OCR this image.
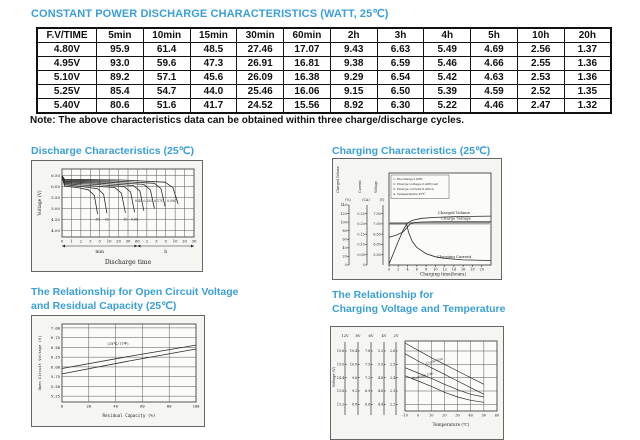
CONSTANT POWER DISCHARGE CHARACTERISTICS (WATT, 25℃)
F.V/TIME	5min	10min	15min	30min	60min	2h	3h	4h	5h	10h	20h
4.80V	95.9	61.4	48.5	27.46	17.07	9.43	6.63	5.49	4.69	2.56	1.37
4.95V	93.0	59.6	47.3	26.91	16.81	9.38	6.59	5.46	4.66	2.55	1.36
5.10V	89.2	57.1	45.6	26.09	16.38	9.29	6.54	5.42	4.63	2.53	1.36
5.25V	85.4	54.7	44.0	25.46	16.06	9.15	6.50	5.39	4.59	2.52	1.35
5.40V	80.6	51.6	41.7	24.52	15.56	8.92	6.30	5.22	4.46	2.47	1.32
Note: The above characteristics data can be obtained within three charge/discharge cycles.
Discharge Characteristics (25℃)
6.50
6.00
5.50
5.00
4.50
4.00
1 2 3 5 10 20 30 60 2 3 5 10 20 30
0
Voltage (V)
3C 2C	1C 0.6C
0.4C 0.25C 0.17C 0.09C
min	h
Discharge time
Charging Characteristics (25℃)
Charged Volume
(%)
140
120
100
80
60
40
20
0
Current
(CA)
0.25
0.20
0.15
0.10
0.05
0
Voltage
(V)
7.50
7.00
6.50
6.00
5.50
1. Discharge:100%
2. Charge voltage:2.40V/cell
3. Charge current:0.20CA
4. Temperature:25℃
Charged Volume
Charge Voltage
Charging Current
0 2 4 6 8 10 12 14 16 18 20
Charging time(hours)
The Relationship for Open Circuit Voltage
and Residual Capacity (25℃)
7.00
6.75
6.50
6.25
6.00
5.75
5.50
5.25
0	20	40	60	80	100
Open Circuit Voltage (V)
Residual Capacity (%)
(25℃/77℉)
The Relationship for
Charging Voltage and Temperature
Voltage (V)
12V
15.6
15.0
14.4
13.8
13.2
8V
10.4
10.0
9.6
9.2
8.8
6V
7.8
7.5
7.2
6.9
6.6
4V
5.2
5.0
4.8
4.6
4.4
2V
2.6
2.5
2.4
2.3
2.2
-10	0	10 20 30 40 50 60
Temperature (℃)
Cycle Use
Floating Use
